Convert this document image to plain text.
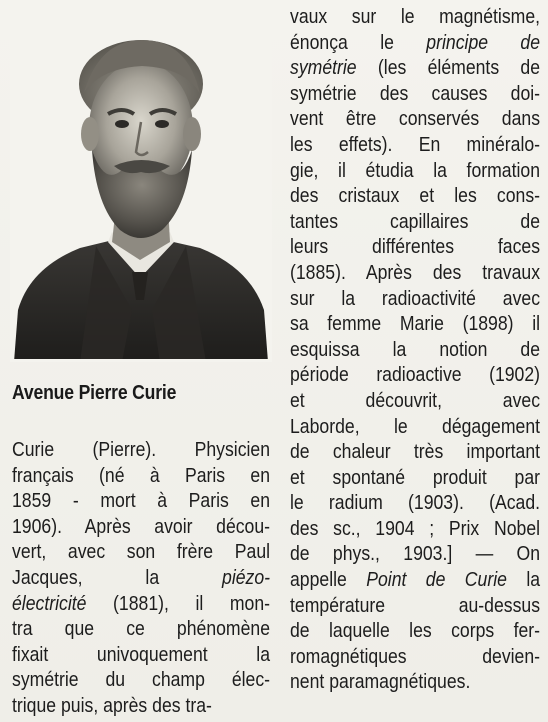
Avenue Pierre Curie
Curie (Pierre). Physicien
français (né à Paris en
1859 - mort à Paris en
1906). Après avoir décou-
vert, avec son frère Paul
Jacques, la piézo-
électricité (1881), il mon-
tra que ce phénomène
fixait univoquement la
symétrie du champ élec-
trique puis, après des tra-
vaux sur le magnétisme,
énonça le principe de
symétrie (les éléments de
symétrie des causes doi-
vent être conservés dans
les effets). En minéralo-
gie, il étudia la formation
des cristaux et les cons-
tantes capillaires de
leurs différentes faces
(1885). Après des travaux
sur la radioactivité avec
sa femme Marie (1898) il
esquissa la notion de
période radioactive (1902)
et découvrit, avec
Laborde, le dégagement
de chaleur très important
et spontané produit par
le radium (1903). (Acad.
des sc., 1904 ; Prix Nobel
de phys., 1903.] — On
appelle Point de Curie la
température au-dessus
de laquelle les corps fer-
romagnétiques devien-
nent paramagnétiques.
